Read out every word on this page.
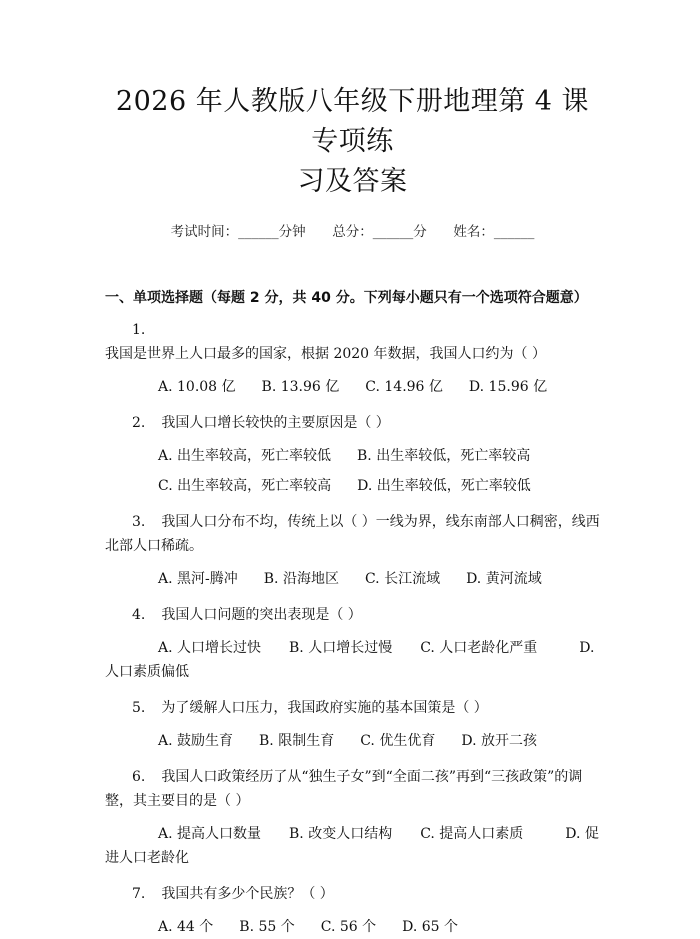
2026 年人教版八年级下册地理第 4 课专项练
习及答案
考试时间：______分钟 总分：______分 姓名：______
一、单项选择题（每题 2 分，共 40 分。下列每小题只有一个选项符合题意）

1.我国是世界上人口最多的国家，根据 2020 年数据，我国人口约为（ ）

A. 10.08 亿 B. 13.96 亿 C. 14.96 亿 D. 15.96 亿

2. 我国人口增长较快的主要原因是（ ）

A. 出生率较高，死亡率较低 B. 出生率较低，死亡率较高

C. 出生率较高，死亡率较高 D. 出生率较低，死亡率较低

3. 我国人口分布不均，传统上以（ ）一线为界，线东南部人口稠密，线西北部人口稀疏。

A. 黑河-腾冲 B. 沿海地区 C. 长江流域 D. 黄河流域

4. 我国人口问题的突出表现是（ ）

A. 人口增长过快　　B. 人口增长过慢　　C. 人口老龄化严重　　　D. 人口素质偏低

5. 为了缓解人口压力，我国政府实施的基本国策是（ ）

A. 鼓励生育 B. 限制生育 C. 优生优育 D. 放开二孩

6. 我国人口政策经历了从“独生子女”到“全面二孩”再到“三孩政策”的调整，其主要目的是（ ）

A. 提高人口数量　　B. 改变人口结构　　C. 提高人口素质　　　D. 促进人口老龄化

7. 我国共有多少个民族？（ ）

A. 44 个 B. 55 个 C. 56 个 D. 65 个
